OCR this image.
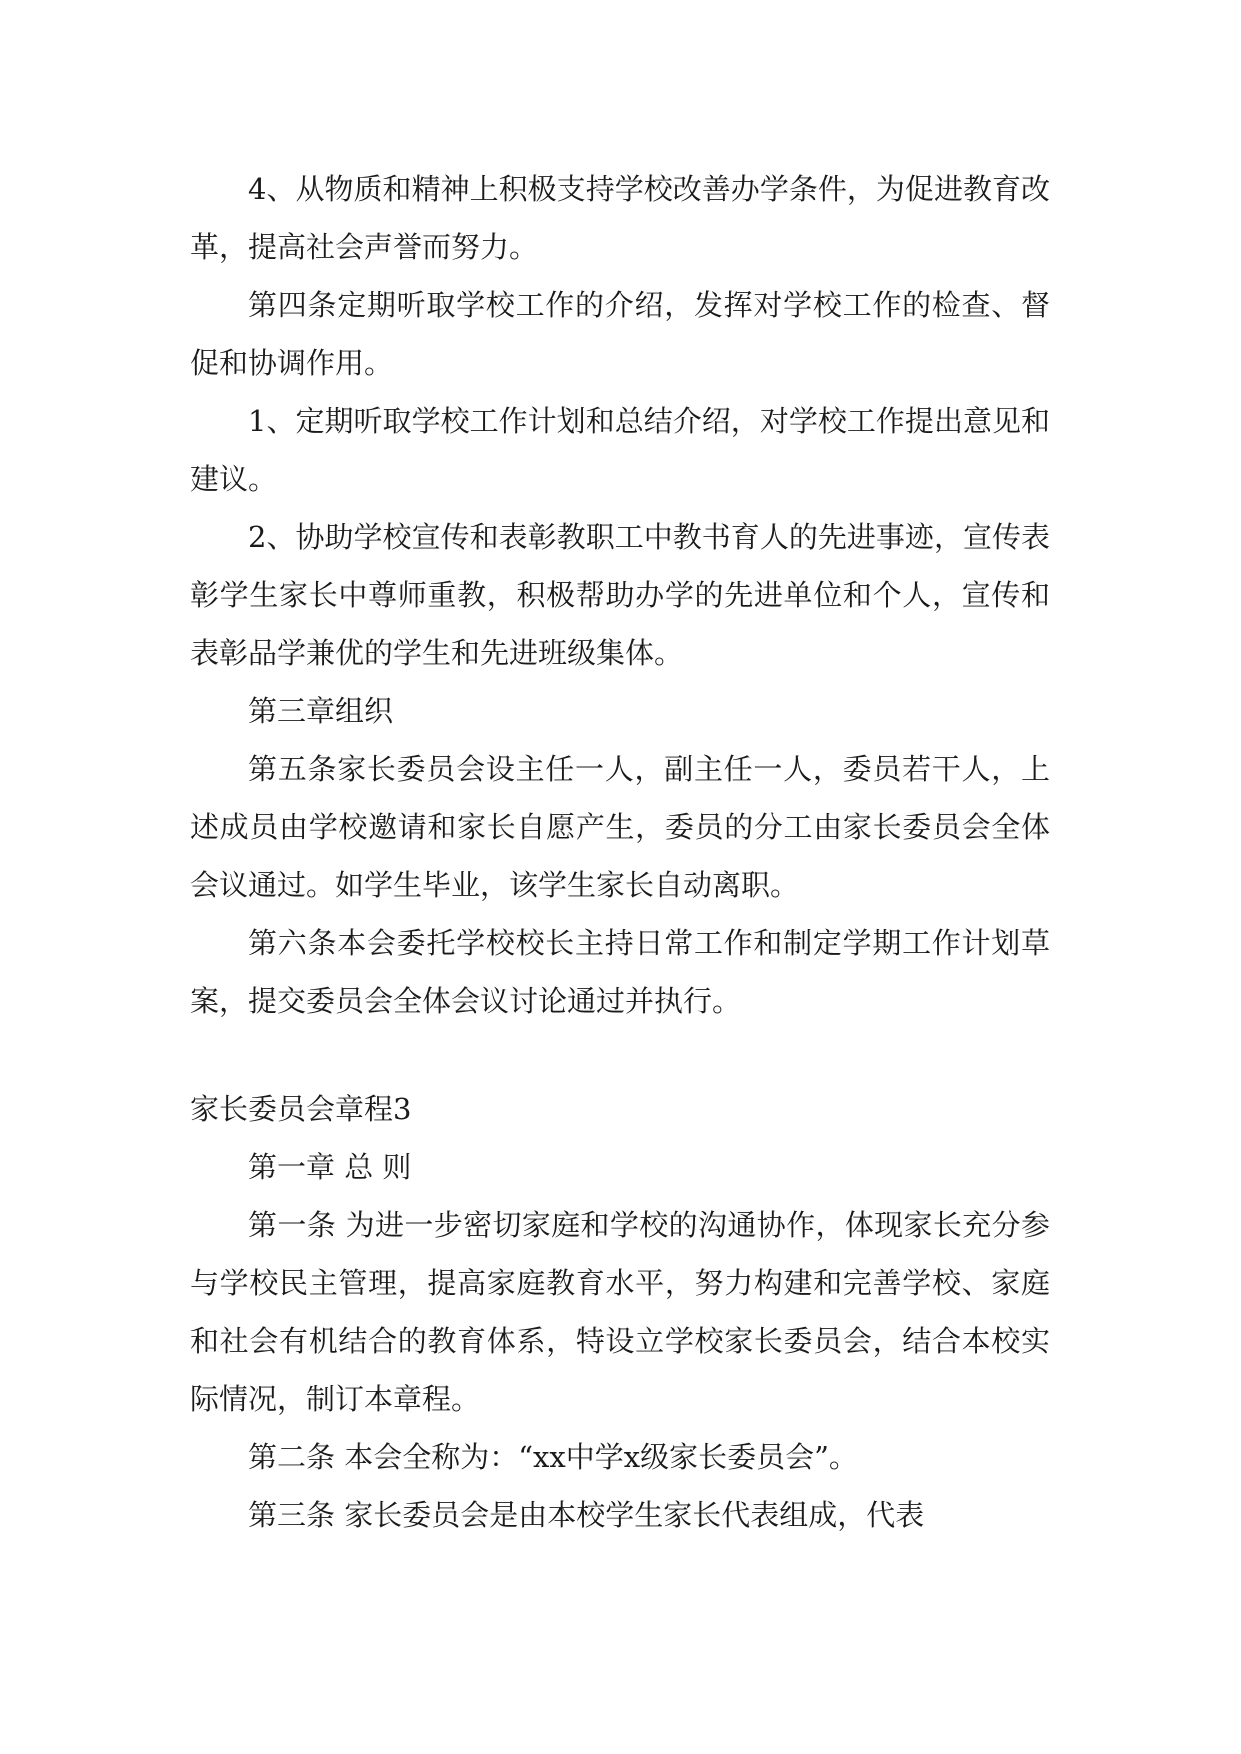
4、从物质和精神上积极支持学校改善办学条件，为促进教育改革，提高社会声誉而努力。

第四条定期听取学校工作的介绍，发挥对学校工作的检查、督促和协调作用。

1、定期听取学校工作计划和总结介绍，对学校工作提出意见和建议。

2、协助学校宣传和表彰教职工中教书育人的先进事迹，宣传表彰学生家长中尊师重教，积极帮助办学的先进单位和个人，宣传和表彰品学兼优的学生和先进班级集体。

第三章组织

第五条家长委员会设主任一人，副主任一人，委员若干人，上述成员由学校邀请和家长自愿产生，委员的分工由家长委员会全体会议通过。如学生毕业，该学生家长自动离职。

第六条本会委托学校校长主持日常工作和制定学期工作计划草案，提交委员会全体会议讨论通过并执行。

家长委员会章程3

第一章 总 则

第一条 为进一步密切家庭和学校的沟通协作，体现家长充分参与学校民主管理，提高家庭教育水平，努力构建和完善学校、家庭和社会有机结合的教育体系，特设立学校家长委员会，结合本校实际情况，制订本章程。

第二条 本会全称为：“xx中学x级家长委员会”。

第三条 家长委员会是由本校学生家长代表组成，代表
